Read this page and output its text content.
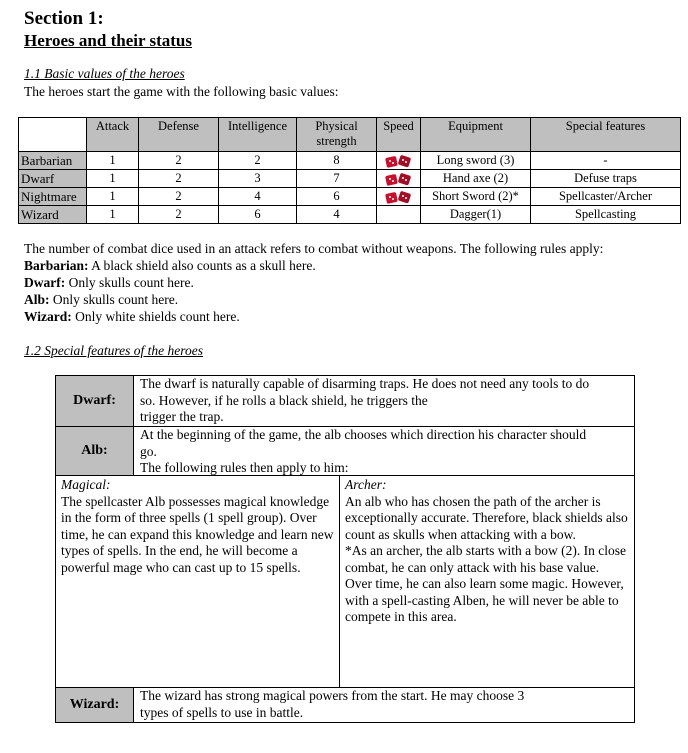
Section 1:
Heroes and their status
1.1 Basic values of the heroes
The heroes start the game with the following basic values:
	Attack	Defense	Intelligence	Physical strength	Speed	Equipment	Special features
Barbarian	1	2	2	8		Long sword (3)	-
Dwarf	1	2	3	7		Hand axe (2)	Defuse traps
Nightmare	1	2	4	6		Short Sword (2)*	Spellcaster/Archer
Wizard	1	2	6	4		Dagger(1)	Spellcasting
The number of combat dice used in an attack refers to combat without weapons. The following rules apply:
Barbarian: A black shield also counts as a skull here.
Dwarf: Only skulls count here.
Alb: Only skulls count here.
Wizard: Only white shields count here.
1.2 Special features of the heroes
Dwarf:
The dwarf is naturally capable of disarming traps. He does not need any tools to do
so. However, if he rolls a black shield, he triggers the
trigger the trap.
Alb:
At the beginning of the game, the alb chooses which direction his character should
go.
The following rules then apply to him:
Magical:
The spellcaster Alb possesses magical knowledge in the form of three spells (1 spell group). Over time, he can expand this knowledge and learn new types of spells. In the end, he will become a powerful mage who can cast up to 15 spells.
Archer:
An alb who has chosen the path of the archer is exceptionally accurate. Therefore, black shields also count as skulls when attacking with a bow.
*As an archer, the alb starts with a bow (2). In close combat, he can only attack with his base value.
Over time, he can also learn some magic. However, with a spell-casting Alben, he will never be able to compete in this area.
Wizard:
The wizard has strong magical powers from the start. He may choose 3
types of spells to use in battle.
